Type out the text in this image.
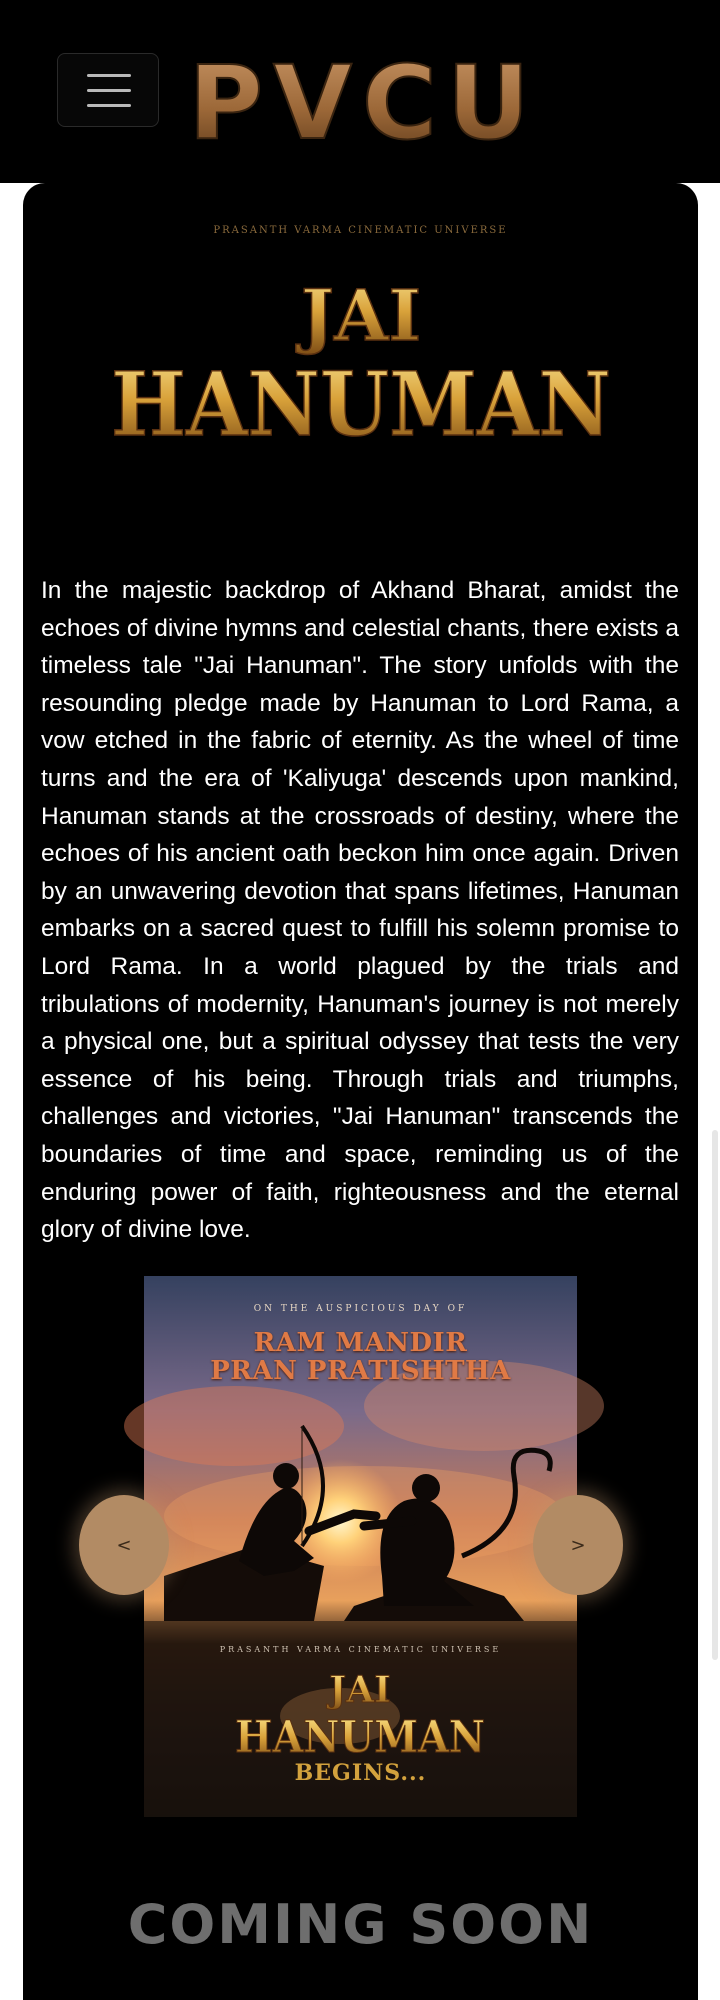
PVCU
PRASANTH VARMA CINEMATIC UNIVERSE
JAI
HANUMAN

In the majestic backdrop of Akhand Bharat, amidst the echoes of divine hymns and celestial chants, there exists a timeless tale "Jai Hanuman". The story unfolds with the resounding pledge made by Hanuman to Lord Rama, a vow etched in the fabric of eternity. As the wheel of time turns and the era of 'Kaliyuga' descends upon mankind, Hanuman stands at the crossroads of destiny, where the echoes of his ancient oath beckon him once again. Driven by an unwavering devotion that spans lifetimes, Hanuman embarks on a sacred quest to fulfill his solemn promise to Lord Rama. In a world plagued by the trials and tribulations of modernity, Hanuman's journey is not merely a physical one, but a spiritual odyssey that tests the very essence of his being. Through trials and triumphs, challenges and victories, "Jai Hanuman" transcends the boundaries of time and space, reminding us of the enduring power of faith, righteousness and the eternal glory of divine love.

ON THE AUSPICIOUS DAY OF
RAM MANDIR
PRAN PRATISHTHA
PRASANTH VARMA CINEMATIC UNIVERSE
JAI
HANUMAN
BEGINS...
<	>
COMING SOON
